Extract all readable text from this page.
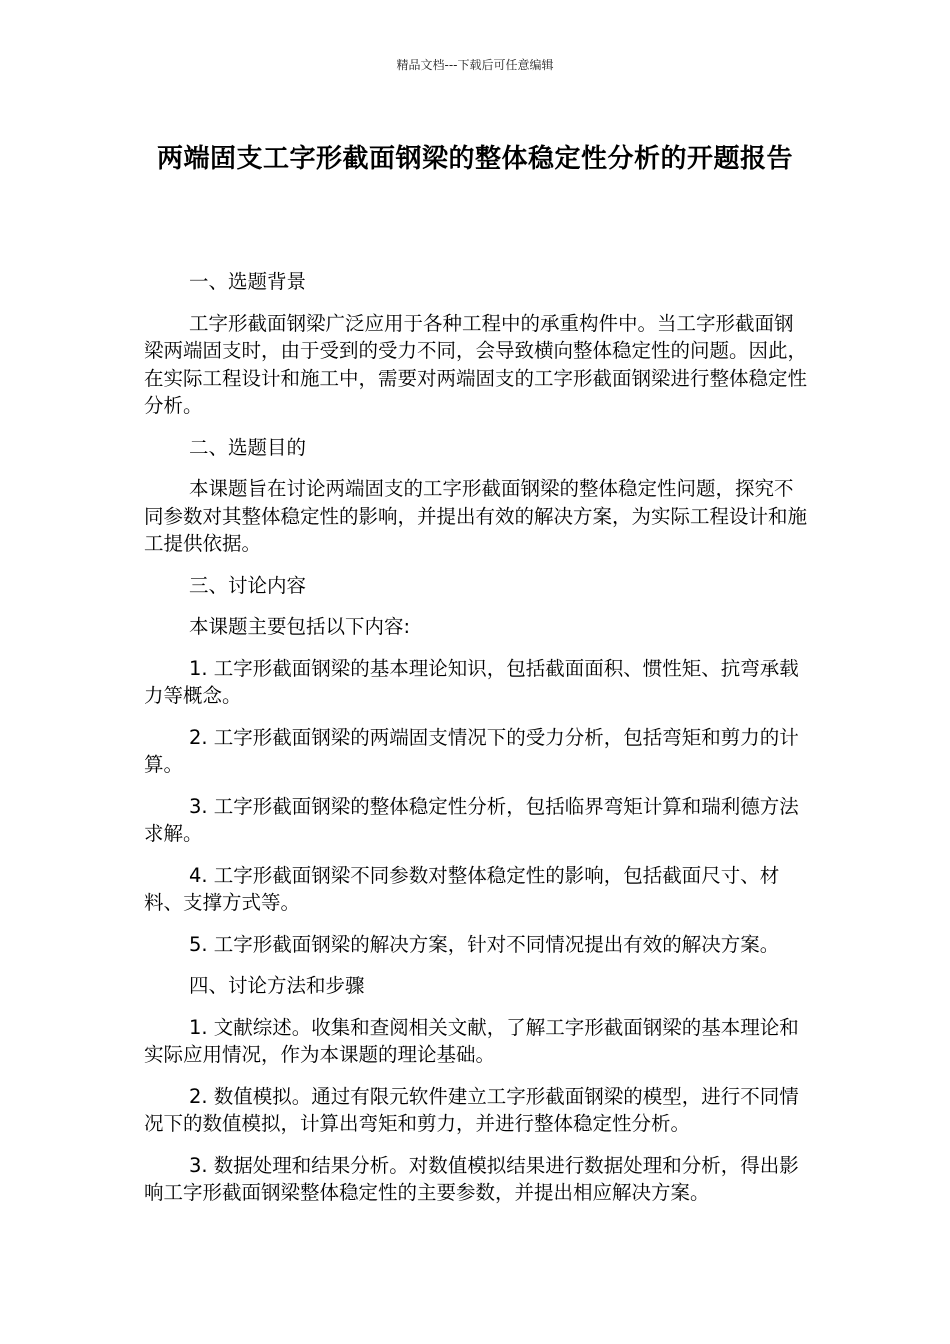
精品文档---下载后可任意编辑
两端固支工字形截面钢梁的整体稳定性分析的开题报告

一、选题背景

工字形截面钢梁广泛应用于各种工程中的承重构件中。当工字形截面钢梁两端固支时，由于受到的受力不同，会导致横向整体稳定性的问题。因此，在实际工程设计和施工中，需要对两端固支的工字形截面钢梁进行整体稳定性分析。

二、选题目的

本课题旨在讨论两端固支的工字形截面钢梁的整体稳定性问题，探究不同参数对其整体稳定性的影响，并提出有效的解决方案，为实际工程设计和施工提供依据。

三、讨论内容

本课题主要包括以下内容:

1. 工字形截面钢梁的基本理论知识，包括截面面积、惯性矩、抗弯承载力等概念。

2. 工字形截面钢梁的两端固支情况下的受力分析，包括弯矩和剪力的计算。

3. 工字形截面钢梁的整体稳定性分析，包括临界弯矩计算和瑞利德方法求解。

4. 工字形截面钢梁不同参数对整体稳定性的影响，包括截面尺寸、材料、支撑方式等。

5. 工字形截面钢梁的解决方案，针对不同情况提出有效的解决方案。

四、讨论方法和步骤

1. 文献综述。收集和查阅相关文献，了解工字形截面钢梁的基本理论和实际应用情况，作为本课题的理论基础。

2. 数值模拟。通过有限元软件建立工字形截面钢梁的模型，进行不同情况下的数值模拟，计算出弯矩和剪力，并进行整体稳定性分析。

3. 数据处理和结果分析。对数值模拟结果进行数据处理和分析，得出影响工字形截面钢梁整体稳定性的主要参数，并提出相应解决方案。
